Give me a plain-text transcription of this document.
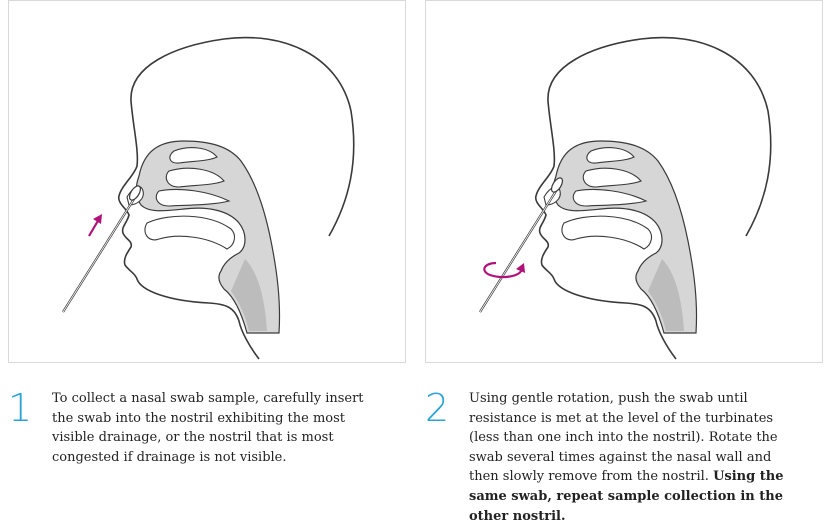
1 To collect a nasal swab sample, carefully insert the swab into the nostril exhibiting the most visible drainage, or the nostril that is most congested if drainage is not visible.
2 Using gentle rotation, push the swab until resistance is met at the level of the turbinates (less than one inch into the nostril). Rotate the swab several times against the nasal wall and then slowly remove from the nostril. Using the same swab, repeat sample collection in the other nostril.
